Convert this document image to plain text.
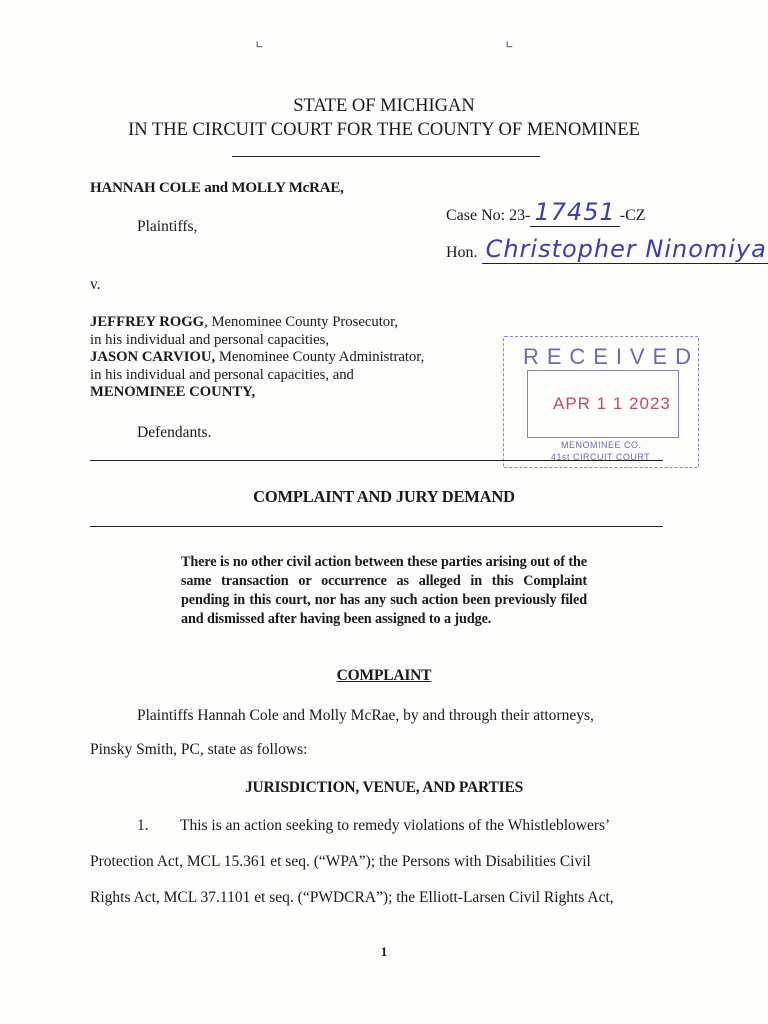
⌞	⌞
STATE OF MICHIGAN
IN THE CIRCUIT COURT FOR THE COUNTY OF MENOMINEE
HANNAH COLE and MOLLY McRAE,
Plaintiffs,
Case No: 23- 17451 -CZ
Hon. Christopher Ninomiya
v.
JEFFREY ROGG, Menominee County Prosecutor,
in his individual and personal capacities,
JASON CARVIOU, Menominee County Administrator,
in his individual and personal capacities, and
MENOMINEE COUNTY,
Defendants.
R E C E I V E D
APR 1 1 2023
MENOMINEE CO.
41st CIRCUIT COURT
COMPLAINT AND JURY DEMAND
There is no other civil action between these parties arising out of the same transaction or occurrence as alleged in this Complaint pending in this court, nor has any such action been previously filed and dismissed after having been assigned to a judge.
COMPLAINT
Plaintiffs Hannah Cole and Molly McRae, by and through their attorneys,
Pinsky Smith, PC, state as follows:
JURISDICTION, VENUE, AND PARTIES
1. This is an action seeking to remedy violations of the Whistleblowers’
Protection Act, MCL 15.361 et seq. (“WPA”); the Persons with Disabilities Civil
Rights Act, MCL 37.1101 et seq. (“PWDCRA”); the Elliott-Larsen Civil Rights Act,
1
